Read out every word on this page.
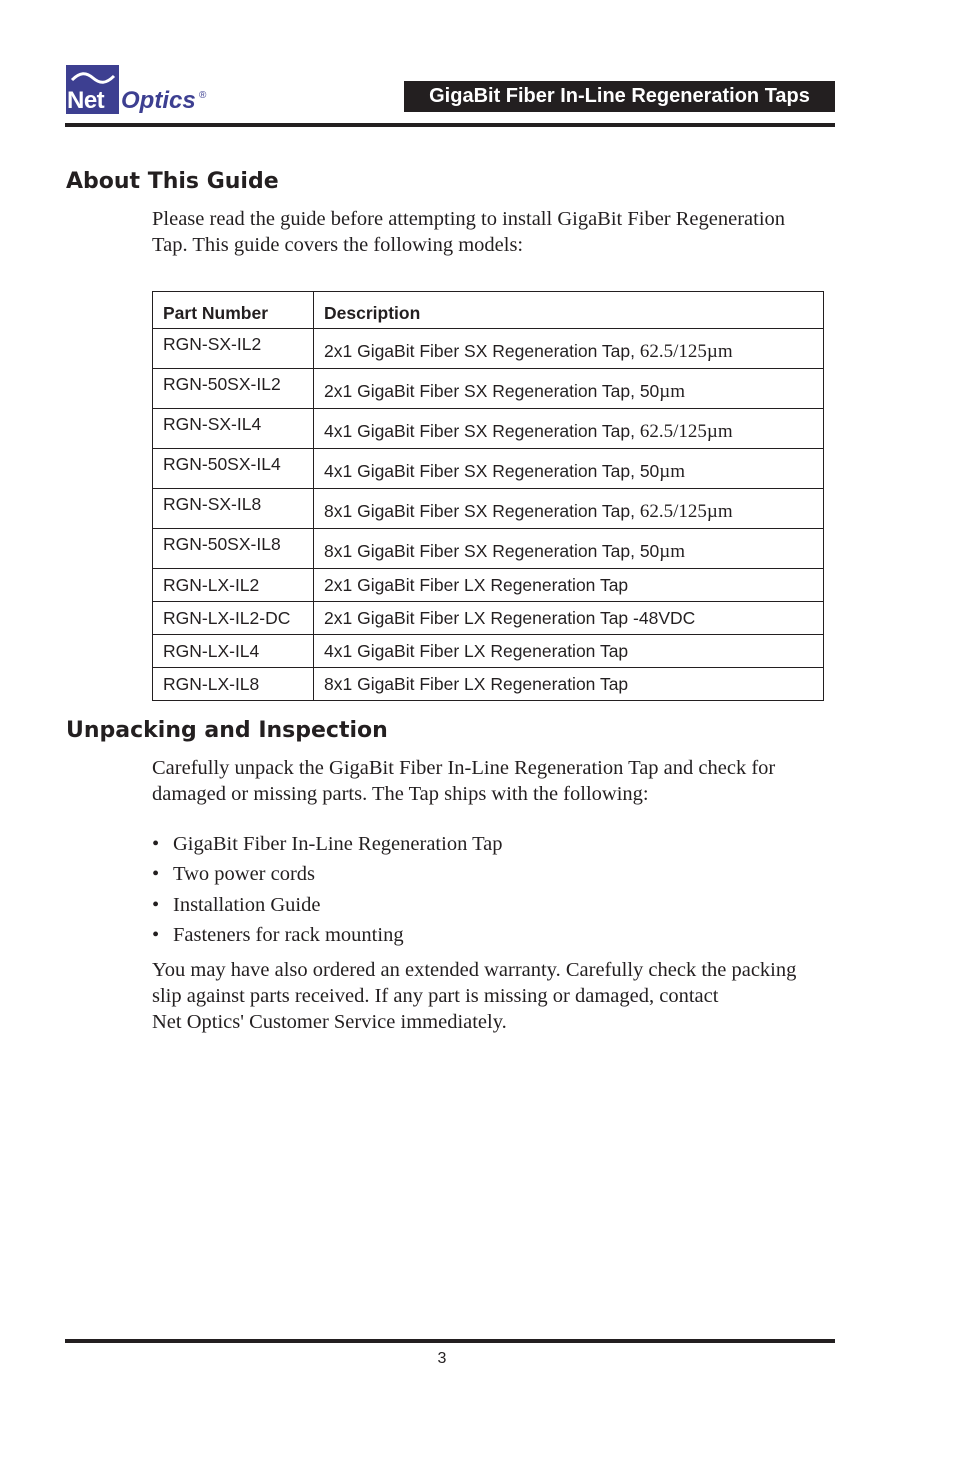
Net Optics ®	GigaBit Fiber In-Line Regeneration Taps
About This Guide
Please read the guide before attempting to install GigaBit Fiber Regeneration
Tap. This guide covers the following models:
Part Number	Description
RGN-SX-IL2	2x1 GigaBit Fiber SX Regeneration Tap, 62.5/125µm
RGN-50SX-IL2	2x1 GigaBit Fiber SX Regeneration Tap, 50µm
RGN-SX-IL4	4x1 GigaBit Fiber SX Regeneration Tap, 62.5/125µm
RGN-50SX-IL4	4x1 GigaBit Fiber SX Regeneration Tap, 50µm
RGN-SX-IL8	8x1 GigaBit Fiber SX Regeneration Tap, 62.5/125µm
RGN-50SX-IL8	8x1 GigaBit Fiber SX Regeneration Tap, 50µm
RGN-LX-IL2	2x1 GigaBit Fiber LX Regeneration Tap
RGN-LX-IL2-DC	2x1 GigaBit Fiber LX Regeneration Tap -48VDC
RGN-LX-IL4	4x1 GigaBit Fiber LX Regeneration Tap
RGN-LX-IL8	8x1 GigaBit Fiber LX Regeneration Tap
Unpacking and Inspection
Carefully unpack the GigaBit Fiber In-Line Regeneration Tap and check for
damaged or missing parts. The Tap ships with the following:
• GigaBit Fiber In-Line Regeneration Tap
• Two power cords
• Installation Guide
• Fasteners for rack mounting
You may have also ordered an extended warranty. Carefully check the packing
slip against parts received. If any part is missing or damaged, contact
Net Optics' Customer Service immediately.
3
